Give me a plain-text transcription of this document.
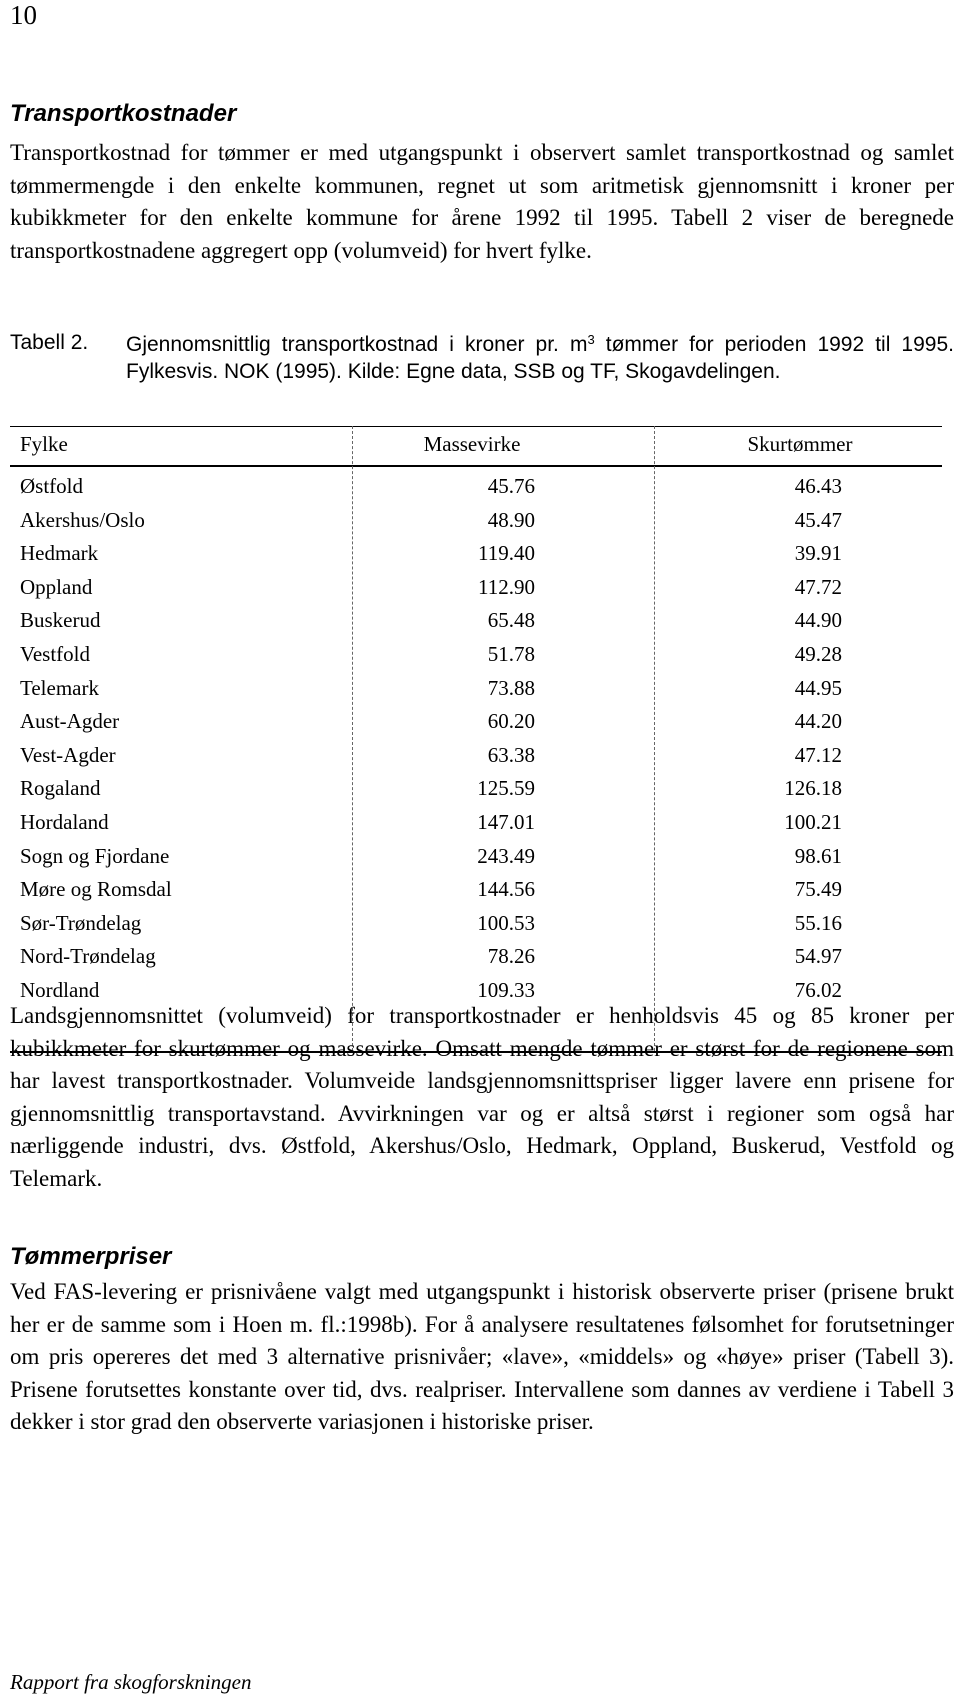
10
Transportkostnader
Transportkostnad for tømmer er med utgangspunkt i observert samlet transportkostnad og samlet tømmermengde i den enkelte kommunen, regnet ut som aritmetisk gjennomsnitt i kroner per kubikkmeter for den enkelte kommune for årene 1992 til 1995. Tabell 2 viser de beregnede transportkostnadene aggregert opp (volumveid) for hvert fylke.
Tabell 2. Gjennomsnittlig transportkostnad i kroner pr. $m^3$ tømmer for perioden 1992 til 1995. Fylkesvis. NOK (1995). Kilde: Egne data, SSB og TF, Skogavdelingen.
Fylke	Massevirke	Skurtømmer
Østfold	45.76	46.43
Akershus/Oslo	48.90	45.47
Hedmark	119.40	39.91
Oppland	112.90	47.72
Buskerud	65.48	44.90
Vestfold	51.78	49.28
Telemark	73.88	44.95
Aust-Agder	60.20	44.20
Vest-Agder	63.38	47.12
Rogaland	125.59	126.18
Hordaland	147.01	100.21
Sogn og Fjordane	243.49	98.61
Møre og Romsdal	144.56	75.49
Sør-Trøndelag	100.53	55.16
Nord-Trøndelag	78.26	54.97
Nordland	109.33	76.02
Landsgjennomsnittet (volumveid) for transportkostnader er henholdsvis 45 og 85 kroner per kubikkmeter for skurtømmer og massevirke. Omsatt mengde tømmer er størst for de regionene som har lavest transportkostnader. Volumveide landsgjennomsnittspriser ligger lavere enn prisene for gjennomsnittlig transportavstand. Avvirkningen var og er altså størst i regioner som også har nærliggende industri, dvs. Østfold, Akershus/Oslo, Hedmark, Oppland, Buskerud, Vestfold og Telemark.
Tømmerpriser
Ved FAS-levering er prisnivåene valgt med utgangspunkt i historisk observerte priser (prisene brukt her er de samme som i Hoen m. fl.:1998b). For å analysere resultatenes følsomhet for forutsetninger om pris opereres det med 3 alternative prisnivåer; «lave», «middels» og «høye» priser (Tabell 3). Prisene forutsettes konstante over tid, dvs. realpriser. Intervallene som dannes av verdiene i Tabell 3 dekker i stor grad den observerte variasjonen i historiske priser.
Rapport fra skogforskningen
